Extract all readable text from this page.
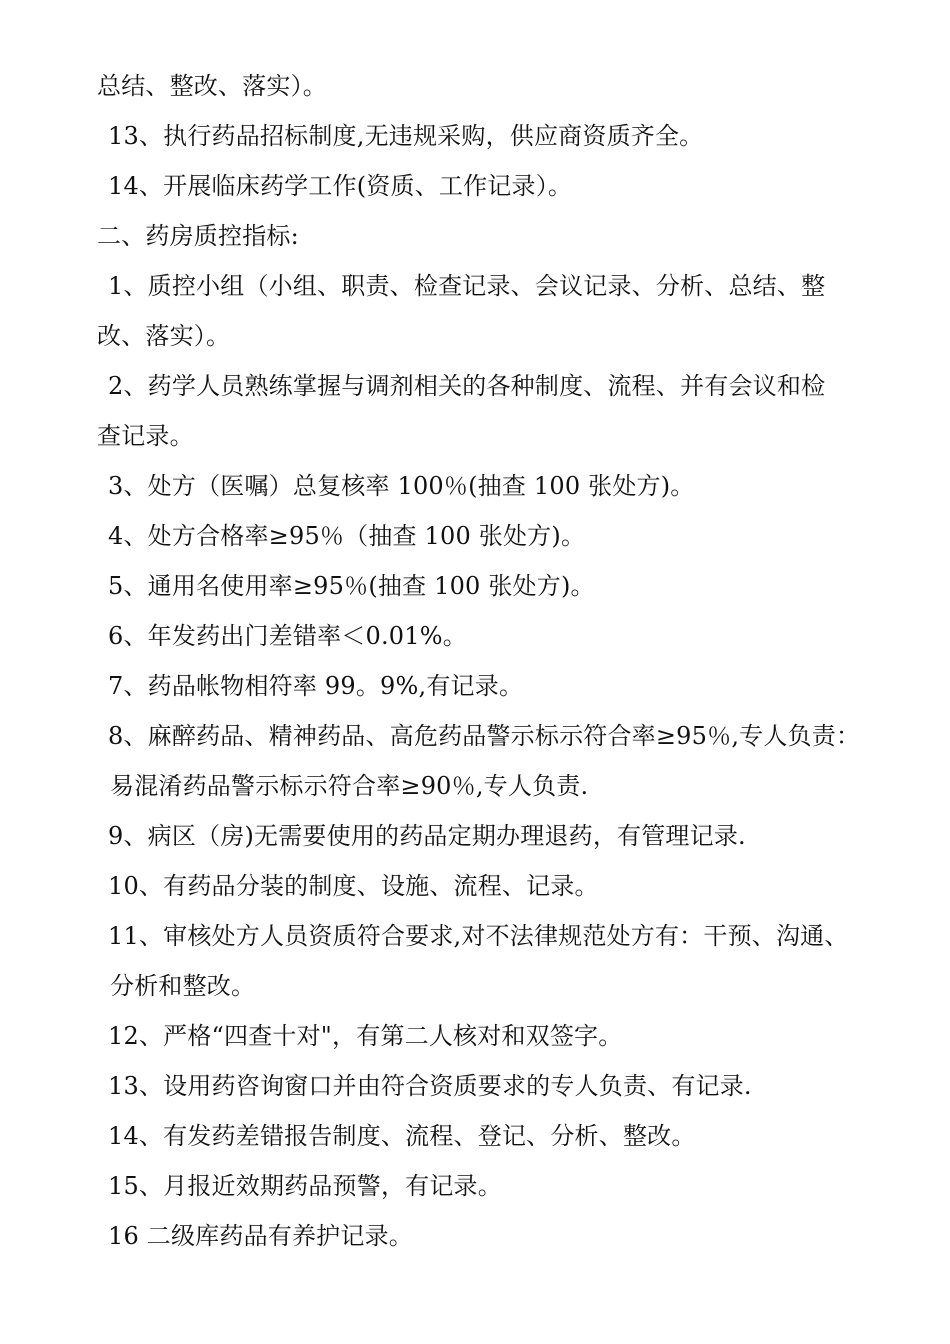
总结、整改、落实）。
13、执行药品招标制度,无违规采购，供应商资质齐全。
14、开展临床药学工作(资质、工作记录）。
二、药房质控指标:
1、质控小组（小组、职责、检查记录、会议记录、分析、总结、整
改、落实）。
2、药学人员熟练掌握与调剂相关的各种制度、流程、并有会议和检
查记录。
3、处方（医嘱）总复核率 100％(抽查 100 张处方)。
4、处方合格率≥95％（抽查 100 张处方)。
5、通用名使用率≥95％(抽查 100 张处方)。
6、年发药出门差错率＜0.01%。
7、药品帐物相符率 99。9%,有记录。
8、麻醉药品、精神药品、高危药品警示标示符合率≥95％,专人负责：
易混淆药品警示标示符合率≥90％,专人负责.
9、病区（房)无需要使用的药品定期办理退药，有管理记录.
10、有药品分装的制度、设施、流程、记录。
11、审核处方人员资质符合要求,对不法律规范处方有：干预、沟通、
分析和整改。
12、严格“四查十对"，有第二人核对和双签字。
13、设用药咨询窗口并由符合资质要求的专人负责、有记录.
14、有发药差错报告制度、流程、登记、分析、整改。
15、月报近效期药品预警，有记录。
16 二级库药品有养护记录。
